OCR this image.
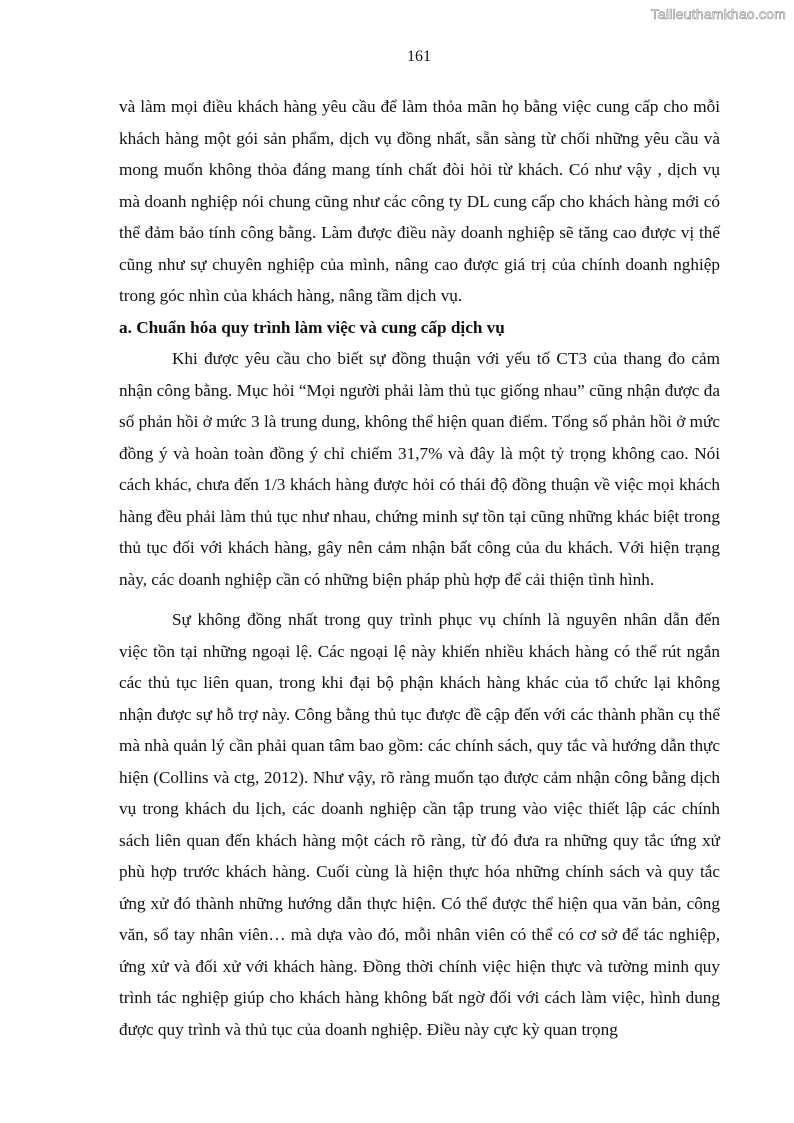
Tailieuthamkhao.com
161

và làm mọi điều khách hàng yêu cầu để làm thỏa mãn họ bằng việc cung cấp cho mỗi khách hàng một gói sản phẩm, dịch vụ đồng nhất, sẵn sàng từ chối những yêu cầu và mong muốn không thỏa đáng mang tính chất đòi hỏi từ khách. Có như vậy , dịch vụ mà doanh nghiệp nói chung cũng như các công ty DL cung cấp cho khách hàng mới có thể đảm bảo tính công bằng. Làm được điều này doanh nghiệp sẽ tăng cao được vị thế cũng như sự chuyên nghiệp của mình, nâng cao được giá trị của chính doanh nghiệp trong góc nhìn của khách hàng, nâng tầm dịch vụ.

a. Chuẩn hóa quy trình làm việc và cung cấp dịch vụ

Khi được yêu cầu cho biết sự đồng thuận với yếu tố CT3 của thang đo cảm nhận công bằng. Mục hỏi “Mọi người phải làm thủ tục giống nhau” cũng nhận được đa số phản hồi ở mức 3 là trung dung, không thể hiện quan điểm. Tổng số phản hồi ở mức đồng ý và hoàn toàn đồng ý chỉ chiếm 31,7% và đây là một tỷ trọng không cao. Nói cách khác, chưa đến 1/3 khách hàng được hỏi có thái độ đồng thuận về việc mọi khách hàng đều phải làm thủ tục như nhau, chứng minh sự tồn tại cũng những khác biệt trong thủ tục đối với khách hàng, gây nên cảm nhận bất công của du khách. Với hiện trạng này, các doanh nghiệp cần có những biện pháp phù hợp để cải thiện tình hình.

Sự không đồng nhất trong quy trình phục vụ chính là nguyên nhân dẫn đến việc tồn tại những ngoại lệ. Các ngoại lệ này khiến nhiều khách hàng có thể rút ngắn các thủ tục liên quan, trong khi đại bộ phận khách hàng khác của tổ chức lại không nhận được sự hỗ trợ này. Công bằng thủ tục được đề cập đến với các thành phần cụ thể mà nhà quản lý cần phải quan tâm bao gồm: các chính sách, quy tắc và hướng dẫn thực hiện (Collins và ctg, 2012). Như vậy, rõ ràng muốn tạo được cảm nhận công bằng dịch vụ trong khách du lịch, các doanh nghiệp cần tập trung vào việc thiết lập các chính sách liên quan đến khách hàng một cách rõ ràng, từ đó đưa ra những quy tắc ứng xử phù hợp trước khách hàng. Cuối cùng là hiện thực hóa những chính sách và quy tắc ứng xử đó thành những hướng dẫn thực hiện. Có thể được thể hiện qua văn bản, công văn, sổ tay nhân viên… mà dựa vào đó, mỗi nhân viên có thể có cơ sở để tác nghiệp, ứng xử và đối xử với khách hàng. Đồng thời chính việc hiện thực và tường minh quy trình tác nghiệp giúp cho khách hàng không bất ngờ đối với cách làm việc, hình dung được quy trình và thủ tục của doanh nghiệp. Điều này cực kỳ quan trọng
